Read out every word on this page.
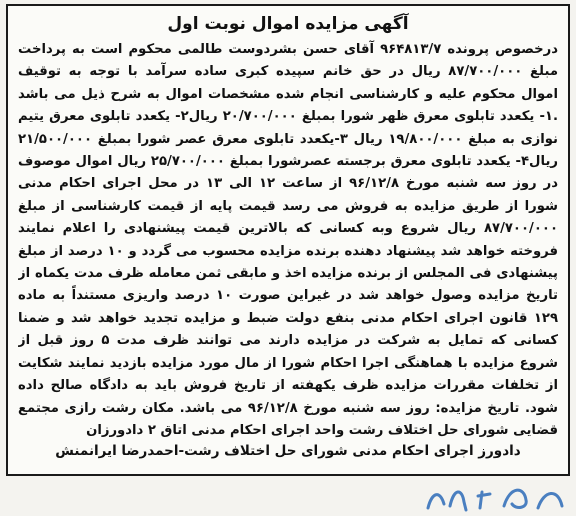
آگهی مزایده اموال نوبت اول

درخصوص پرونده ۹۶۴۸۱۳/۷ آقای حسن بشردوست طالمی محکوم است به پرداخت مبلغ ۸۷/۷۰۰/۰۰۰ ریال در حق خانم سپیده کبری ساده سرآمد با توجه به توقیف اموال محکوم علیه و کارشناسی انجام شده مشخصات اموال به شرح ذیل می باشد .۱- یکعدد تابلوی معرق ظهر شورا بمبلغ ۲۰/۷۰۰/۰۰۰ ریال۲- یکعدد تابلوی معرق یتیم نوازی به مبلغ ۱۹/۸۰۰/۰۰۰ ریال ۳-یکعدد تابلوی معرق عصر شورا بمبلغ ۲۱/۵۰۰/۰۰۰ ریال۴- یکعدد تابلوی معرق برجسته عصرشورا بمبلغ ۲۵/۷۰۰/۰۰۰ ریال اموال موصوف در روز سه شنبه مورخ ۹۶/۱۲/۸ از ساعت ۱۲ الی ۱۳ در محل اجرای احکام مدنی شورا از طریق مزایده به فروش می رسد قیمت پایه از قیمت کارشناسی از مبلغ ۸۷/۷۰۰/۰۰۰ ریال شروع وبه کسانی که بالاترین قیمت پیشنهادی را اعلام نمایند فروخته خواهد شد پیشنهاد دهنده برنده مزایده محسوب می گردد و ۱۰ درصد از مبلغ پیشنهادی فی المجلس از برنده مزایده اخذ و مابقی ثمن معامله ظرف مدت یکماه از تاریخ مزایده وصول خواهد شد در غیراین صورت ۱۰ درصد واریزی مستنداً به ماده ۱۲۹ قانون اجرای احکام مدنی بنفع دولت ضبط و مزایده تجدید خواهد شد و ضمنا کسانی که تمایل به شرکت در مزایده دارند می توانند ظرف مدت ۵ روز قبل از شروع مزایده با هماهنگی اجرا احکام شورا از مال مورد مزایده بازدید نمایند شکایت از تخلفات مقررات مزایده ظرف یکهفته از تاریخ فروش باید به دادگاه صالح داده شود. تاریخ مزایده: روز سه شنبه مورخ ۹۶/۱۲/۸ می باشد. مکان رشت رازی مجتمع قضایی شورای حل اختلاف رشت واحد اجرای احکام مدنی اتاق ۲ دادورزان

دادورز اجرای احکام مدنی شورای حل اختلاف رشت-احمدرضا ایرانمنش
